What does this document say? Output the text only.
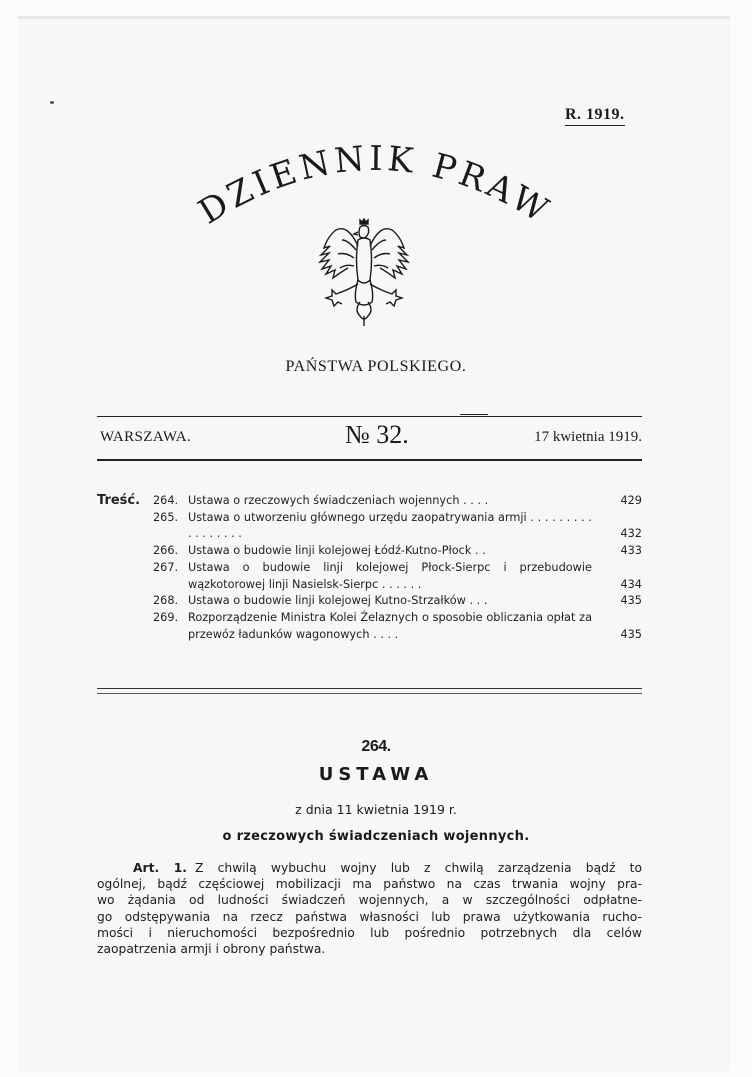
R. 1919.
DZIENNIK PRAW
PAŃSTWA POLSKIEGO.
WARSZAWA.	№ 32.	17 kwietnia 1919.
Treść. 264. Ustawa o rzeczowych świadczeniach wojennych . . . .	429
265. Ustawa o utworzeniu głównego urzędu zaopatrywania armji . . . . . . . . . . . . . . . . .	432
266. Ustawa o budowie linji kolejowej Łódź-Kutno-Płock . .	433
267. Ustawa o budowie linji kolejowej Płock-Sierpc i przebudowie wązkotorowej linji Nasielsk-Sierpc . . . . . .	434
268. Ustawa o budowie linji kolejowej Kutno-Strzałków . . .	435
269. Rozporządzenie Ministra Kolei Żelaznych o sposobie obliczania opłat za przewóz ładunków wagonowych . . . .	435
264.
USTAWA
z dnia 11 kwietnia 1919 r.
o rzeczowych świadczeniach wojennych.
Art. 1. Z chwilą wybuchu wojny lub z chwilą zarządzenia bądź to
ogólnej, bądź częściowej mobilizacji ma państwo na czas trwania wojny pra-
wo żądania od ludności świadczeń wojennych, a w szczególności odpłatne-
go odstępywania na rzecz państwa własności lub prawa użytkowania rucho-
mości i nieruchomości bezpośrednio lub pośrednio potrzebnych dla celów
zaopatrzenia armji i obrony państwa.
